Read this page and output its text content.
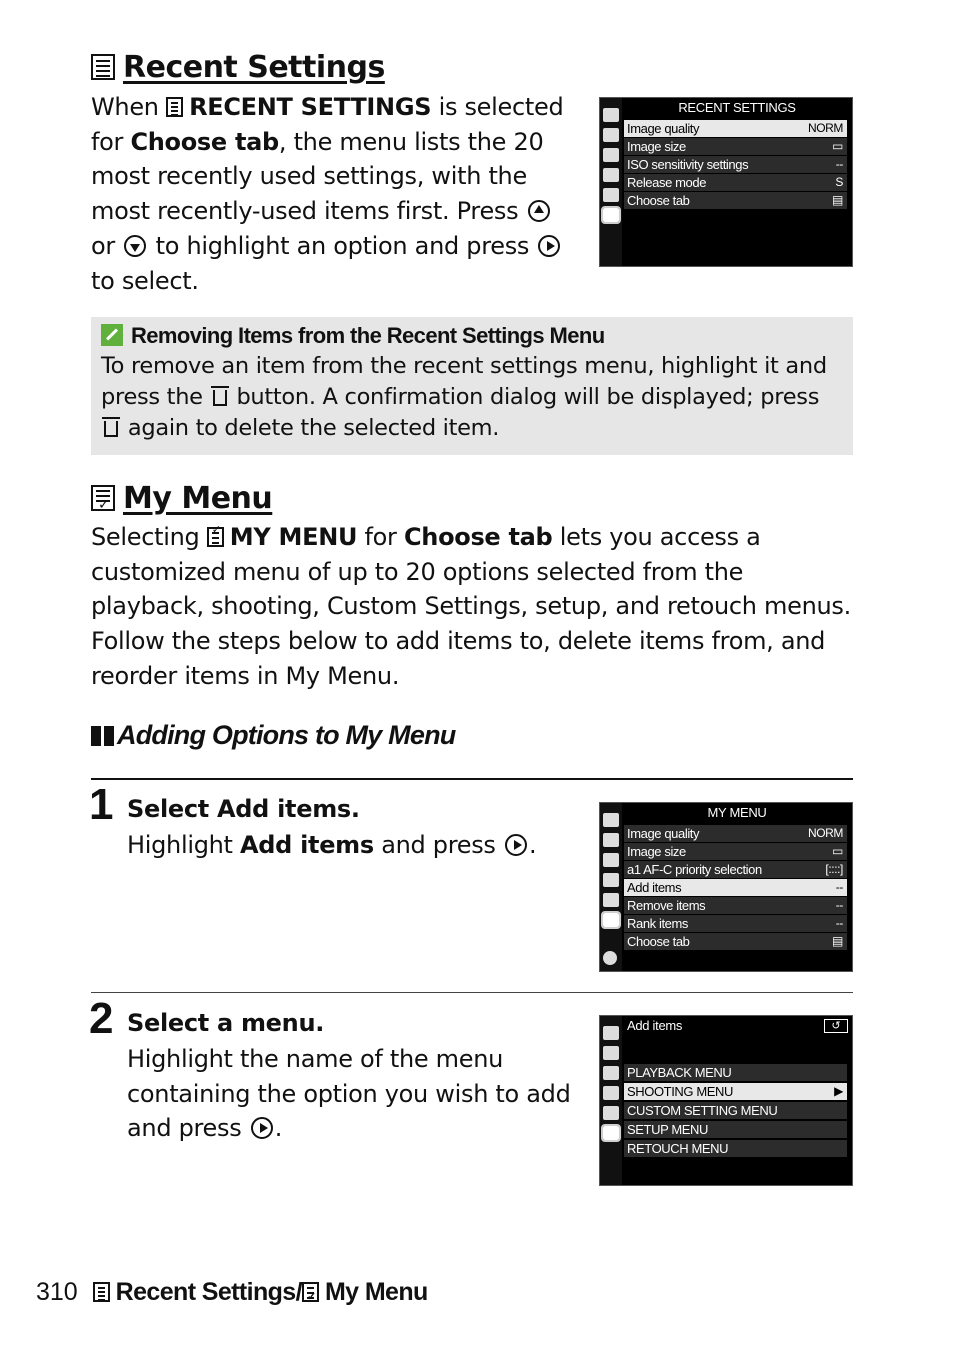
Recent Settings
When RECENT SETTINGS is selected for Choose tab, the menu lists the 20 most recently used settings, with the most recently-used items first. Press  or to highlight an option and press  to select.
RECENT SETTINGS
Image quality	NORM
Image size	▭
ISO sensitivity settings	--
Release mode	S
Choose tab	▤
Removing Items from the Recent Settings Menu
To remove an item from the recent settings menu, highlight it and press the button. A confirmation dialog will be displayed; press  again to delete the selected item.
✓My Menu
Selecting ✓ MY MENU for Choose tab lets you access a customized menu of up to 20 options selected from the playback, shooting, Custom Settings, setup, and retouch menus. Follow the steps below to add items to, delete items from, and reorder items in My Menu.
Adding Options to My Menu
1 Select Add items.
Highlight Add items and press .
MY MENU
Image quality	NORM
Image size	▭
a1 AF-C priority selection	[::::]
Add items	--
Remove items	--
Rank items	--
Choose tab	▤
2 Select a menu.
Highlight the name of the menu containing the option you wish to add and press .
Add items	↺
PLAYBACK MENU
SHOOTING MENU	▶
CUSTOM SETTING MENU
SETUP MENU
RETOUCH MENU
310 Recent Settings/ ✓ My Menu
